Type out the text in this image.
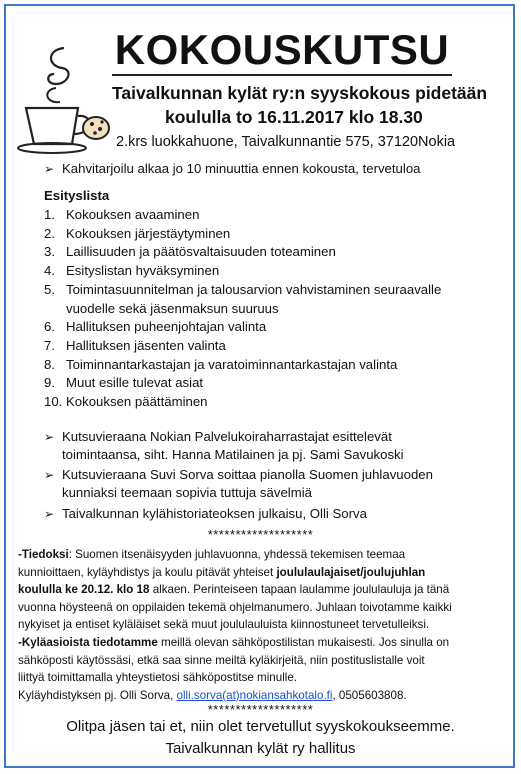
KOKOUSKUTSU
Taivalkunnan kylät ry:n syyskokous pidetään
koululla to 16.11.2017 klo 18.30
2.krs luokkahuone, Taivalkunnantie 575, 37120Nokia
➢ Kahvitarjoilu alkaa jo 10 minuuttia ennen kokousta, tervetuloa
Esityslista
1. Kokouksen avaaminen
2. Kokouksen järjestäytyminen
3. Laillisuuden ja päätösvaltaisuuden toteaminen
4. Esityslistan hyväksyminen
5. Toimintasuunnitelman ja talousarvion vahvistaminen seuraavalle vuodelle sekä jäsenmaksun suuruus
6. Hallituksen puheenjohtajan valinta
7. Hallituksen jäsenten valinta
8. Toiminnantarkastajan ja varatoiminnantarkastajan valinta
9. Muut esille tulevat asiat
10. Kokouksen päättäminen
➢ Kutsuvieraana Nokian Palvelukoiraharrastajat esittelevät
toimintaansa, siht. Hanna Matilainen ja pj. Sami Savukoski
➢ Kutsuvieraana Suvi Sorva soittaa pianolla Suomen juhlavuoden
kunniaksi teemaan sopivia tuttuja sävelmiä
➢ Taivalkunnan kylähistoriateoksen julkaisu, Olli Sorva
*******************
-Tiedoksi: Suomen itsenäisyyden juhlavuonna, yhdessä tekemisen teemaa
kunnioittaen, kyläyhdistys ja koulu pitävät yhteiset joululaulajaiset/joulujuhlan
koululla ke 20.12. klo 18 alkaen. Perinteiseen tapaan laulamme joululauluja ja tänä
vuonna höysteenä on oppilaiden tekemä ohjelmanumero. Juhlaan toivotamme kaikki
nykyiset ja entiset kyläläiset sekä muut joululauluista kiinnostuneet tervetulleiksi.
-Kyläasioista tiedotamme meillä olevan sähköpostilistan mukaisesti. Jos sinulla on
sähköposti käytössäsi, etkä saa sinne meiltä kyläkirjeitä, niin postituslistalle voit
liittyä toimittamalla yhteystietosi sähköpostitse minulle.
Kyläyhdistyksen pj. Olli Sorva, olli.sorva(at)nokiansahkotalo.fi, 0505603808.
*******************
Olitpa jäsen tai et, niin olet tervetullut syyskokoukseemme.
Taivalkunnan kylät ry hallitus
